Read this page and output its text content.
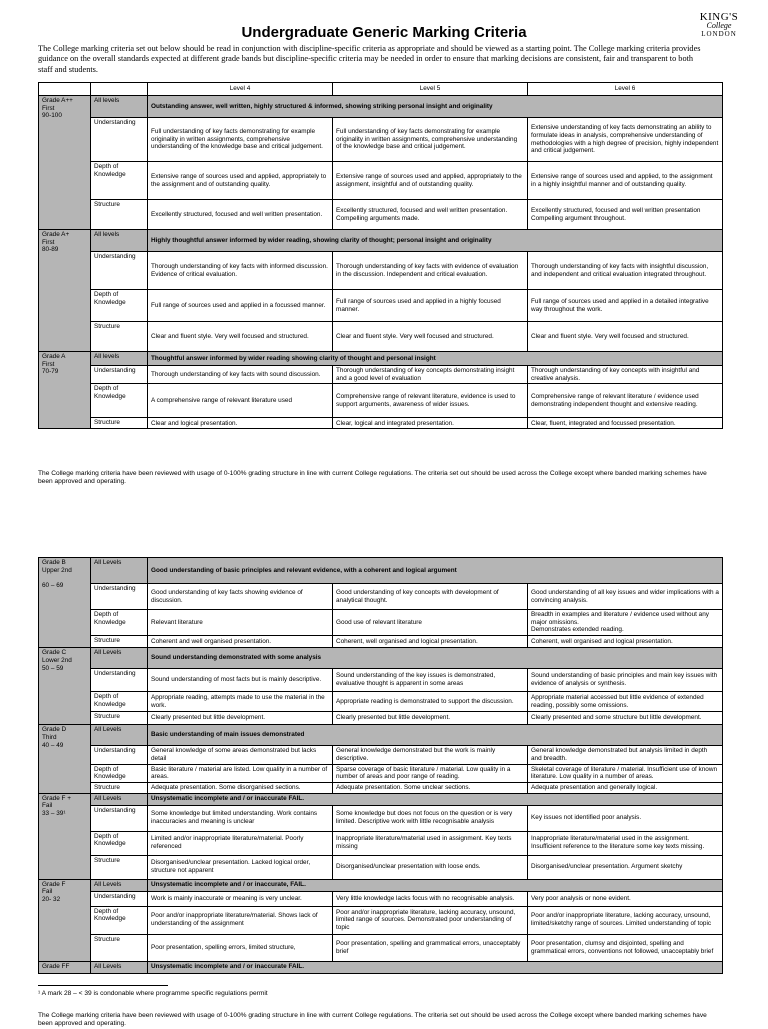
Undergraduate Generic Marking Criteria
KING'S
College
LONDON
The College marking criteria set out below should be read in conjunction with discipline-specific criteria as appropriate and should be viewed as a starting point. The College marking criteria provides guidance on the overall standards expected at different grade bands but discipline-specific criteria may be needed in order to ensure that marking decisions are consistent, fair and transparent to both staff and students.
		Level 4	Level 5	Level 6
Grade A++
First
90-100	All levels	Outstanding answer, well written, highly structured & informed, showing striking personal insight and originality		
	Understanding	Full understanding of key facts demonstrating for example originality in written assignments, comprehensive understanding of the knowledge base and critical judgement.	Full understanding of key facts demonstrating for example originality in written assignments, comprehensive understanding of the knowledge base and critical judgement.	Extensive understanding of key facts demonstrating an ability to formulate ideas in analysis, comprehensive understanding of methodologies with a high degree of precision, highly independent and critical judgement.
	Depth of
Knowledge	Extensive range of sources used and applied, appropriately to the assignment and of outstanding quality.	Extensive range of sources used and applied, appropriately to the assignment, insightful and of outstanding quality.	Extensive range of sources used and applied, to the assignment in a highly insightful manner and of outstanding quality.
	Structure	Excellently structured, focused and well written presentation.	Excellently structured, focused and well written presentation. Compelling arguments made.	Excellently structured, focused and well written presentation Compelling argument throughout.
Grade A+
First
80-89	All levels	Highly thoughtful answer informed by wider reading, showing clarity of thought; personal insight and originality		
	Understanding	Thorough understanding of key facts with informed discussion. Evidence of critical evaluation.	Thorough understanding of key facts with evidence of evaluation in the discussion. Independent and critical evaluation.	Thorough understanding of key facts with insightful discussion, and independent and critical evaluation integrated throughout.
	Depth of
Knowledge	Full range of sources used and applied in a focussed manner.	Full range of sources used and applied in a highly focused manner.	Full range of sources used and applied in a detailed integrative way throughout the work.
	Structure	Clear and fluent style. Very well focused and structured.	Clear and fluent style. Very well focused and structured.	Clear and fluent style. Very well focused and structured.
Grade A
First
70-79	All levels	Thoughtful answer informed by wider reading showing clarity of thought and personal insight		
	Understanding	Thorough understanding of key facts with sound discussion.	Thorough understanding of key concepts demonstrating insight and a good level of evaluation	Thorough understanding of key concepts with insightful and creative analysis.
	Depth of
Knowledge	A comprehensive range of relevant literature used	Comprehensive range of relevant literature, evidence is used to support arguments, awareness of wider issues.	Comprehensive range of relevant literature / evidence used demonstrating independent thought and extensive reading.
	Structure	Clear and logical presentation.	Clear, logical and integrated presentation.	Clear, fluent, integrated and focussed presentation.
The College marking criteria have been reviewed with usage of 0-100% grading structure in line with current College regulations. The criteria set out should be used across the College except where banded marking schemes have been approved and operating.
Grade B
Upper 2nd

60 – 69	All Levels	Good understanding of basic principles and relevant evidence, with a coherent and logical argument		
	Understanding	Good understanding of key facts showing evidence of discussion.	Good understanding of key concepts with development of analytical thought.	Good understanding of all key issues and wider implications with a convincing analysis.
	Depth of
Knowledge	Relevant literature	Good use of relevant literature	Breadth in examples and literature / evidence used without any major omissions.
Demonstrates extended reading.
	Structure	Coherent and well organised presentation.	Coherent, well organised and logical presentation.	Coherent, well organised and logical presentation.
Grade C
Lower 2nd
50 – 59	All Levels	Sound understanding demonstrated with some analysis		
	Understanding	Sound understanding of most facts but is mainly descriptive.	Sound understanding of the key issues is demonstrated, evaluative thought is apparent in some areas	Sound understanding of basic principles and main key issues with evidence of analysis or synthesis.
	Depth of
Knowledge	Appropriate reading, attempts made to use the material in the work.	Appropriate reading is demonstrated to support the discussion.	Appropriate material accessed but little evidence of extended reading, possibly some omissions.
	Structure	Clearly presented but little development.	Clearly presented but little development.	Clearly presented and some structure but little development.
Grade D
Third
40 – 49	All Levels	Basic understanding of main issues demonstrated		
	Understanding	General knowledge of some areas demonstrated but lacks detail	General knowledge demonstrated but the work is mainly descriptive.	General knowledge demonstrated but analysis limited in depth and breadth.
	Depth of
Knowledge	Basic literature / material are listed. Low quality in a number of areas.	Sparse coverage of basic literature / material. Low quality in a number of areas and poor range of reading.	Skeletal coverage of literature / material. Insufficient use of known literature. Low quality in a number of areas.
	Structure	Adequate presentation. Some disorganised sections.	Adequate presentation. Some unclear sections.	Adequate presentation and generally logical.
Grade F +
Fail
33 – 39¹	All Levels	Unsystematic incomplete and / or inaccurate FAIL.		
	Understanding	Some knowledge but limited understanding. Work contains inaccuracies and meaning is unclear	Some knowledge but does not focus on the question or is very limited. Descriptive work with little recognisable analysis	Key issues not identified poor analysis.
	Depth of
Knowledge	Limited and/or inappropriate literature/material. Poorly referenced	Inappropriate literature/material used in assignment. Key texts missing	Inappropriate literature/material used in the assignment. Insufficient reference to the literature some key texts missing.
	Structure	Disorganised/unclear presentation. Lacked logical order, structure not apparent	Disorganised/unclear presentation with loose ends.	Disorganised/unclear presentation. Argument sketchy
Grade F
Fail
20- 32	All Levels	Unsystematic incomplete and / or inaccurate, FAIL.		
	Understanding	Work is mainly inaccurate or meaning is very unclear.	Very little knowledge lacks focus with no recognisable analysis.	Very poor analysis or none evident.
	Depth of
Knowledge	Poor and/or inappropriate literature/material. Shows lack of understanding of the assignment	Poor and/or inappropriate literature, lacking accuracy, unsound, limited range of sources. Demonstrated poor understanding of topic	Poor and/or inappropriate literature, lacking accuracy, unsound, limited/sketchy range of sources. Limited understanding of topic
	Structure	Poor presentation, spelling errors, limited structure,	Poor presentation, spelling and grammatical errors, unacceptably brief	Poor presentation, clumsy and disjointed, spelling and grammatical errors, conventions not followed, unacceptably brief
Grade FF	All Levels	Unsystematic incomplete and / or inaccurate FAIL.		
¹ A mark 28 – < 39 is condonable where programme specific regulations permit
The College marking criteria have been reviewed with usage of 0-100% grading structure in line with current College regulations. The criteria set out should be used across the College except where banded marking schemes have been approved and operating.
